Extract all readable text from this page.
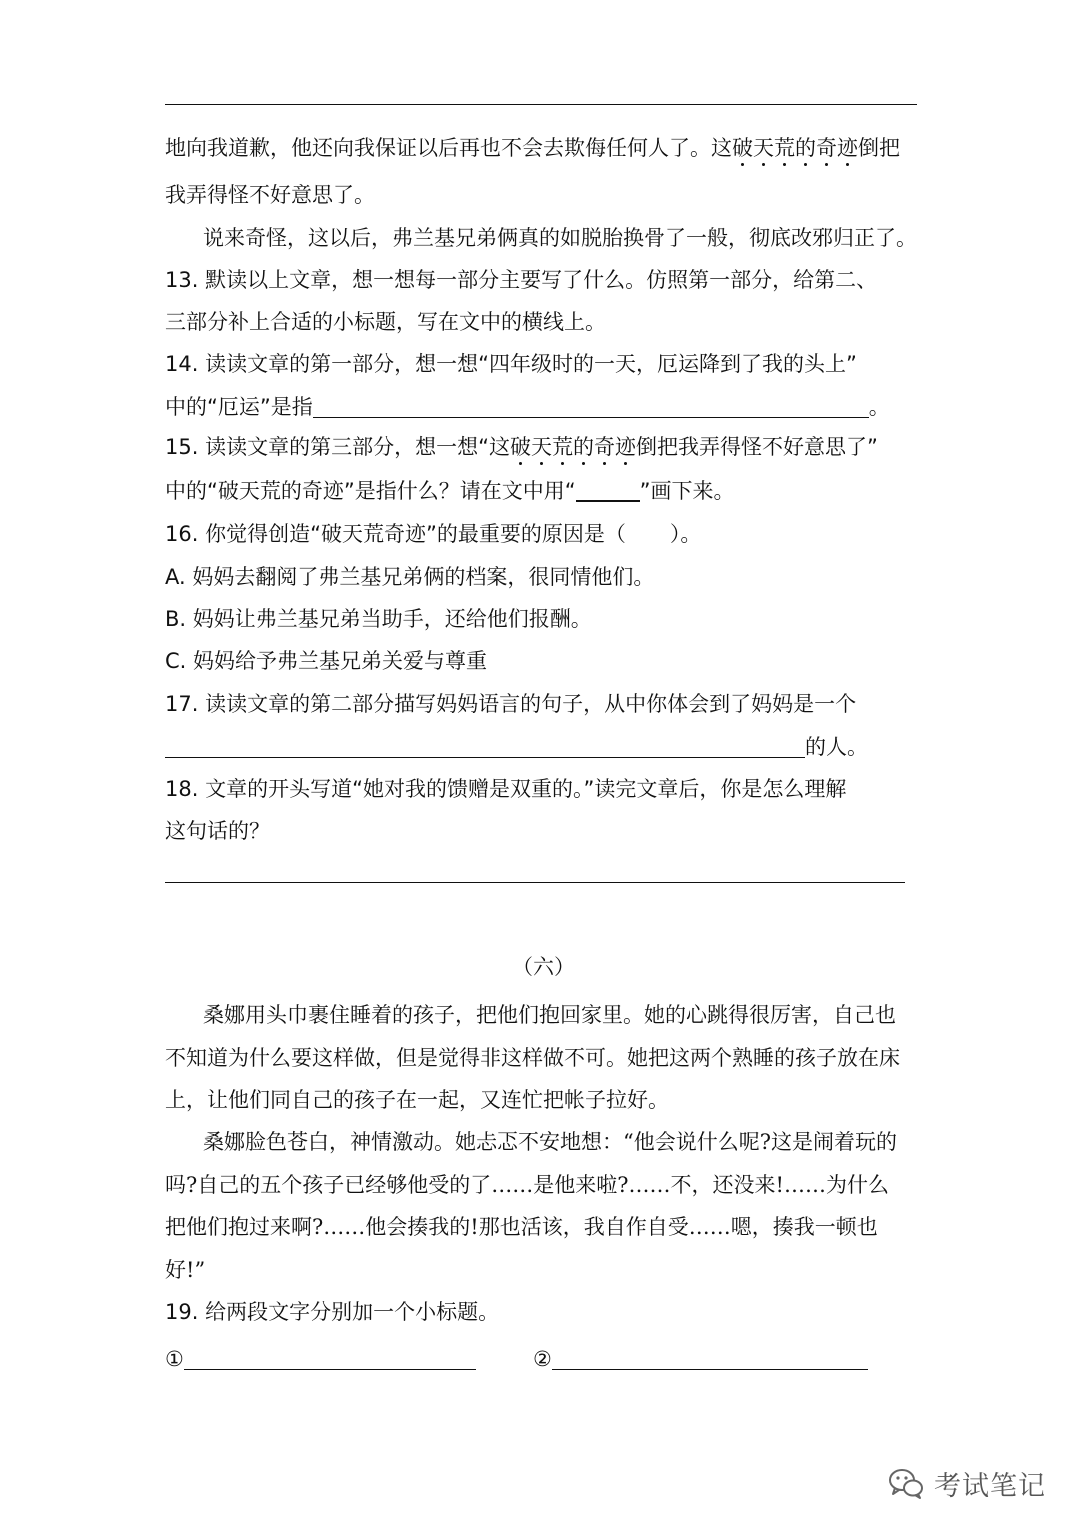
地向我道歉，他还向我保证以后再也不会去欺侮任何人了。这破天荒的奇迹倒把
我弄得怪不好意思了。
说来奇怪，这以后，弗兰基兄弟俩真的如脱胎换骨了一般，彻底改邪归正了。
13. 默读以上文章，想一想每一部分主要写了什么。仿照第一部分，给第二、
三部分补上合适的小标题，写在文中的横线上。
14. 读读文章的第一部分，想一想“四年级时的一天，厄运降到了我的头上”
中的“厄运”是指	。
15. 读读文章的第三部分，想一想“这破天荒的奇迹倒把我弄得怪不好意思了”
中的“破天荒的奇迹”是指什么？请在文中用“	”画下来。
16. 你觉得创造“破天荒奇迹”的最重要的原因是（ ）。
A. 妈妈去翻阅了弗兰基兄弟俩的档案，很同情他们。
B. 妈妈让弗兰基兄弟当助手，还给他们报酬。
C. 妈妈给予弗兰基兄弟关爱与尊重
17. 读读文章的第二部分描写妈妈语言的句子，从中你体会到了妈妈是一个
的人。
18. 文章的开头写道“她对我的馈赠是双重的。”读完文章后，你是怎么理解
这句话的？
（六）
桑娜用头巾裹住睡着的孩子，把他们抱回家里。她的心跳得很厉害，自己也
不知道为什么要这样做，但是觉得非这样做不可。她把这两个熟睡的孩子放在床
上，让他们同自己的孩子在一起，又连忙把帐子拉好。
桑娜脸色苍白，神情激动。她忐忑不安地想：“他会说什么呢?这是闹着玩的
吗?自己的五个孩子已经够他受的了……是他来啦?……不，还没来!……为什么
把他们抱过来啊?……他会揍我的!那也活该，我自作自受……嗯，揍我一顿也
好!”
19. 给两段文字分别加一个小标题。
①	②
考试笔记
